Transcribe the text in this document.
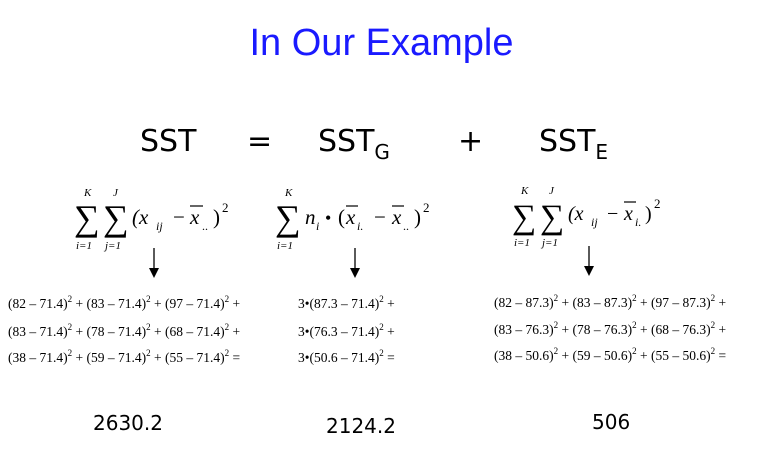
In Our Example
SST = $SST_G + SST_E$
∑ ∑
K
i=1
J
j=1
(x ij − x .. ) 2 ∑
K
i=1
n i • ( x i. − x .. ) 2 ∑ ∑
K
i=1
J
j=1
(x ij − x i. ) 2
(82 – 71.4)$^2$ + (83 – 71.4)$^2$ + (97 – 71.4)$^2$ +
(83 – 71.4)$^2$ + (78 – 71.4)$^2$ + (68 – 71.4)$^2$ +
(38 – 71.4)$^2$ + (59 – 71.4)$^2$ + (55 – 71.4)$^2$ =
3•(87.3 – 71.4)$^2$ +
3•(76.3 – 71.4)$^2$ +
3•(50.6 – 71.4)$^2$ =
(82 – 87.3)$^2$ + (83 – 87.3)$^2$ + (97 – 87.3)$^2$ +
(83 – 76.3)$^2$ + (78 – 76.3)$^2$ + (68 – 76.3)$^2$ +
(38 – 50.6)$^2$ + (59 – 50.6)$^2$ + (55 – 50.6)$^2$ =
2630.2	2124.2	506
